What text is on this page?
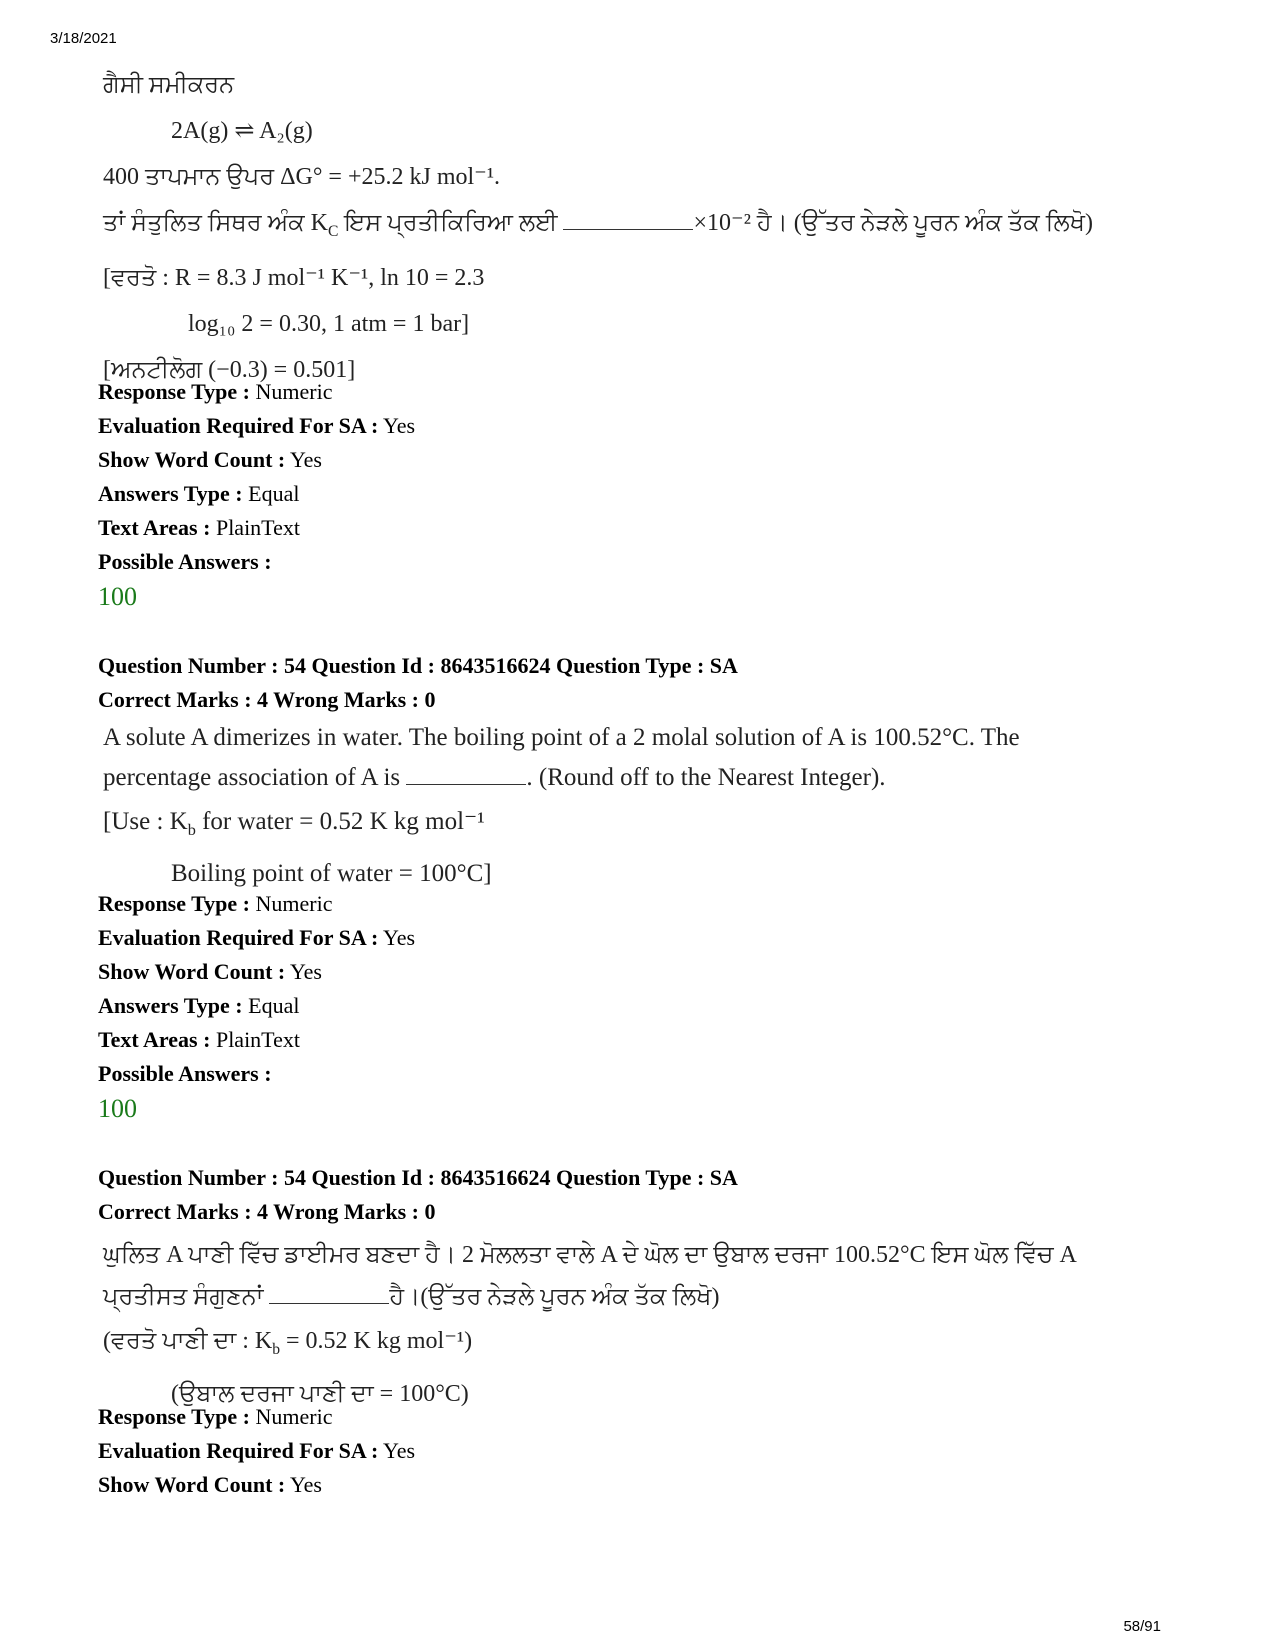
3/18/2021
ਗੈਸੀ ਸਮੀਕਰਨ
2A(g) ⇌ A₂(g)
400 ਤਾਪਮਾਨ ਉਪਰ ΔG° = +25.2 kJ mol⁻¹.
ਤਾਂ ਸੰਤੁਲਿਤ ਸਿਥਰ ਅੰਕ $K_C$ ਇਸ ਪ੍ਰਤੀਕਿਰਿਆ ਲਈ	×10⁻² ਹੈ। (ਉੱਤਰ ਨੇੜਲੇ ਪੂਰਨ ਅੰਕ ਤੱਕ ਲਿਖੋ)
[ਵਰਤੋ : R = 8.3 J mol⁻¹ K⁻¹, ln 10 = 2.3
log₁₀ 2 = 0.30, 1 atm = 1 bar]
[ਅਨਟੀਲੋਗ (−0.3) = 0.501]
Response Type : Numeric
Evaluation Required For SA : Yes
Show Word Count : Yes
Answers Type : Equal
Text Areas : PlainText
Possible Answers :
100
Question Number : 54 Question Id : 8643516624 Question Type : SA
Correct Marks : 4 Wrong Marks : 0
A solute A dimerizes in water. The boiling point of a 2 molal solution of A is 100.52°C. The
percentage association of A is	. (Round off to the Nearest Integer).
[Use : $K_b$ for water = 0.52 K kg mol⁻¹
Boiling point of water = 100°C]
Response Type : Numeric
Evaluation Required For SA : Yes
Show Word Count : Yes
Answers Type : Equal
Text Areas : PlainText
Possible Answers :
100
Question Number : 54 Question Id : 8643516624 Question Type : SA
Correct Marks : 4 Wrong Marks : 0
ਘੁਲਿਤ A ਪਾਣੀ ਵਿੱਚ ਡਾਈਮਰ ਬਣਦਾ ਹੈ। 2 ਮੋਲਲਤਾ ਵਾਲੇ A ਦੇ ਘੋਲ ਦਾ ਉਬਾਲ ਦਰਜਾ 100.52°C ਇਸ ਘੋਲ ਵਿੱਚ A
ਪ੍ਰਤੀਸਤ ਸੰਗੁਣਨਾਂ	ਹੈ।(ਉੱਤਰ ਨੇੜਲੇ ਪੂਰਨ ਅੰਕ ਤੱਕ ਲਿਖੋ)
(ਵਰਤੋ ਪਾਣੀ ਦਾ : $K_b = 0.52$ K kg mol⁻¹)
(ਉਬਾਲ ਦਰਜਾ ਪਾਣੀ ਦਾ = 100°C)
Response Type : Numeric
Evaluation Required For SA : Yes
Show Word Count : Yes
58/91
